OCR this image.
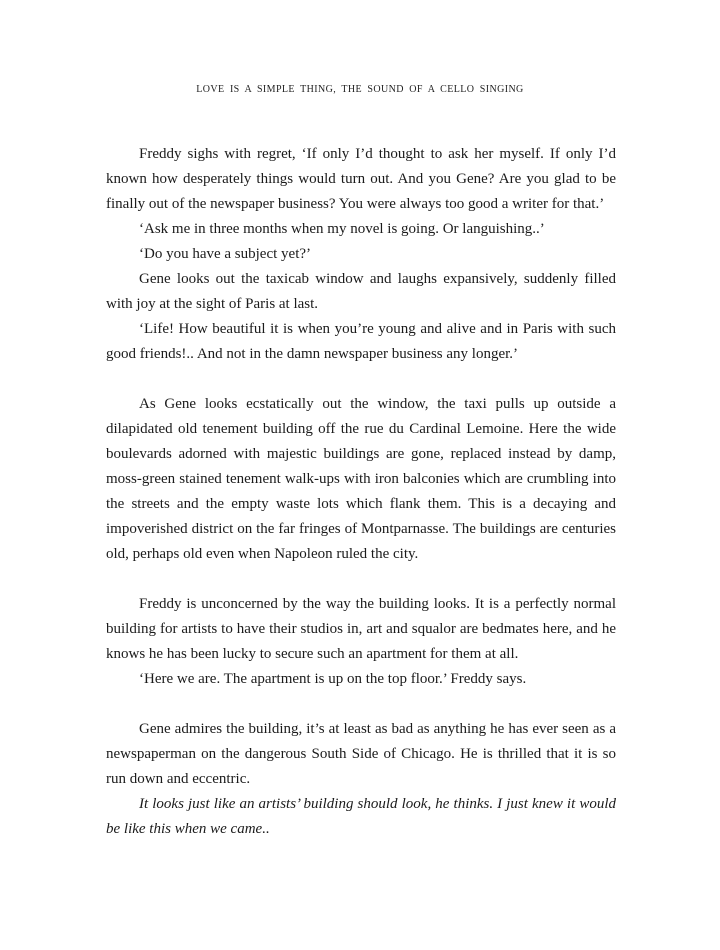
LOVE IS A SIMPLE THING, THE SOUND OF A CELLO SINGING

Freddy sighs with regret, ‘If only I’d thought to ask her myself. If only I’d known how desperately things would turn out. And you Gene? Are you glad to be finally out of the newspaper business? You were always too good a writer for that.’

‘Ask me in three months when my novel is going. Or languishing..’

‘Do you have a subject yet?’

Gene looks out the taxicab window and laughs expansively, suddenly filled with joy at the sight of Paris at last.

‘Life! How beautiful it is when you’re young and alive and in Paris with such good friends!.. And not in the damn newspaper business any longer.’

As Gene looks ecstatically out the window, the taxi pulls up outside a dilapidated old tenement building off the rue du Cardinal Lemoine. Here the wide boulevards adorned with majestic buildings are gone, replaced instead by damp, moss-green stained tenement walk-ups with iron balconies which are crumbling into the streets and the empty waste lots which flank them. This is a decaying and impoverished district on the far fringes of Montparnasse. The buildings are centuries old, perhaps old even when Napoleon ruled the city.

Freddy is unconcerned by the way the building looks. It is a perfectly normal building for artists to have their studios in, art and squalor are bedmates here, and he knows he has been lucky to secure such an apartment for them at all.

‘Here we are. The apartment is up on the top floor.’ Freddy says.

Gene admires the building, it’s at least as bad as anything he has ever seen as a newspaperman on the dangerous South Side of Chicago. He is thrilled that it is so run down and eccentric.

It looks just like an artists’ building should look, he thinks. I just knew it would be like this when we came..
